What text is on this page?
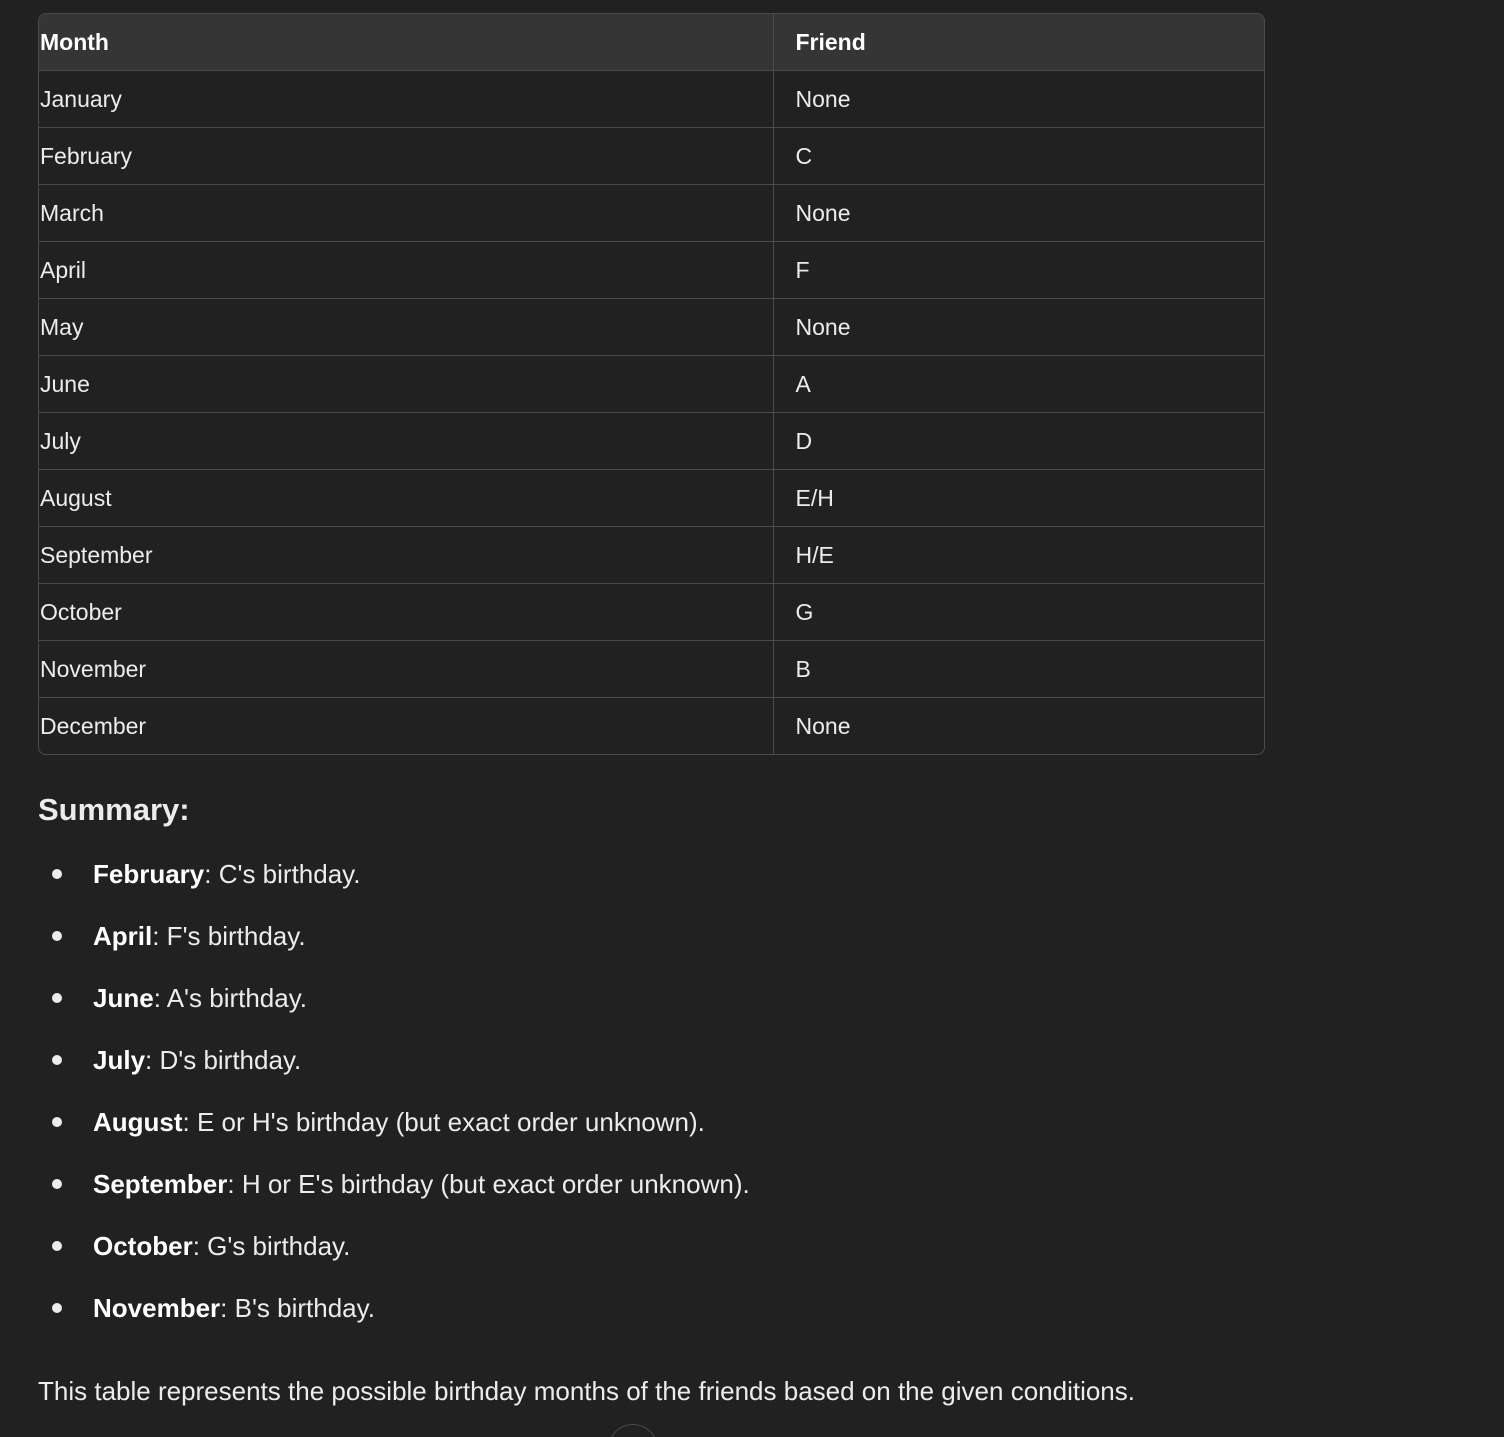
Month	Friend
January	None
February	C
March	None
April	F
May	None
June	A
July	D
August	E/H
September	H/E
October	G
November	B
December	None
Summary:
February: C's birthday.
April: F's birthday.
June: A's birthday.
July: D's birthday.
August: E or H's birthday (but exact order unknown).
September: H or E's birthday (but exact order unknown).
October: G's birthday.
November: B's birthday.

This table represents the possible birthday months of the friends based on the given conditions.
